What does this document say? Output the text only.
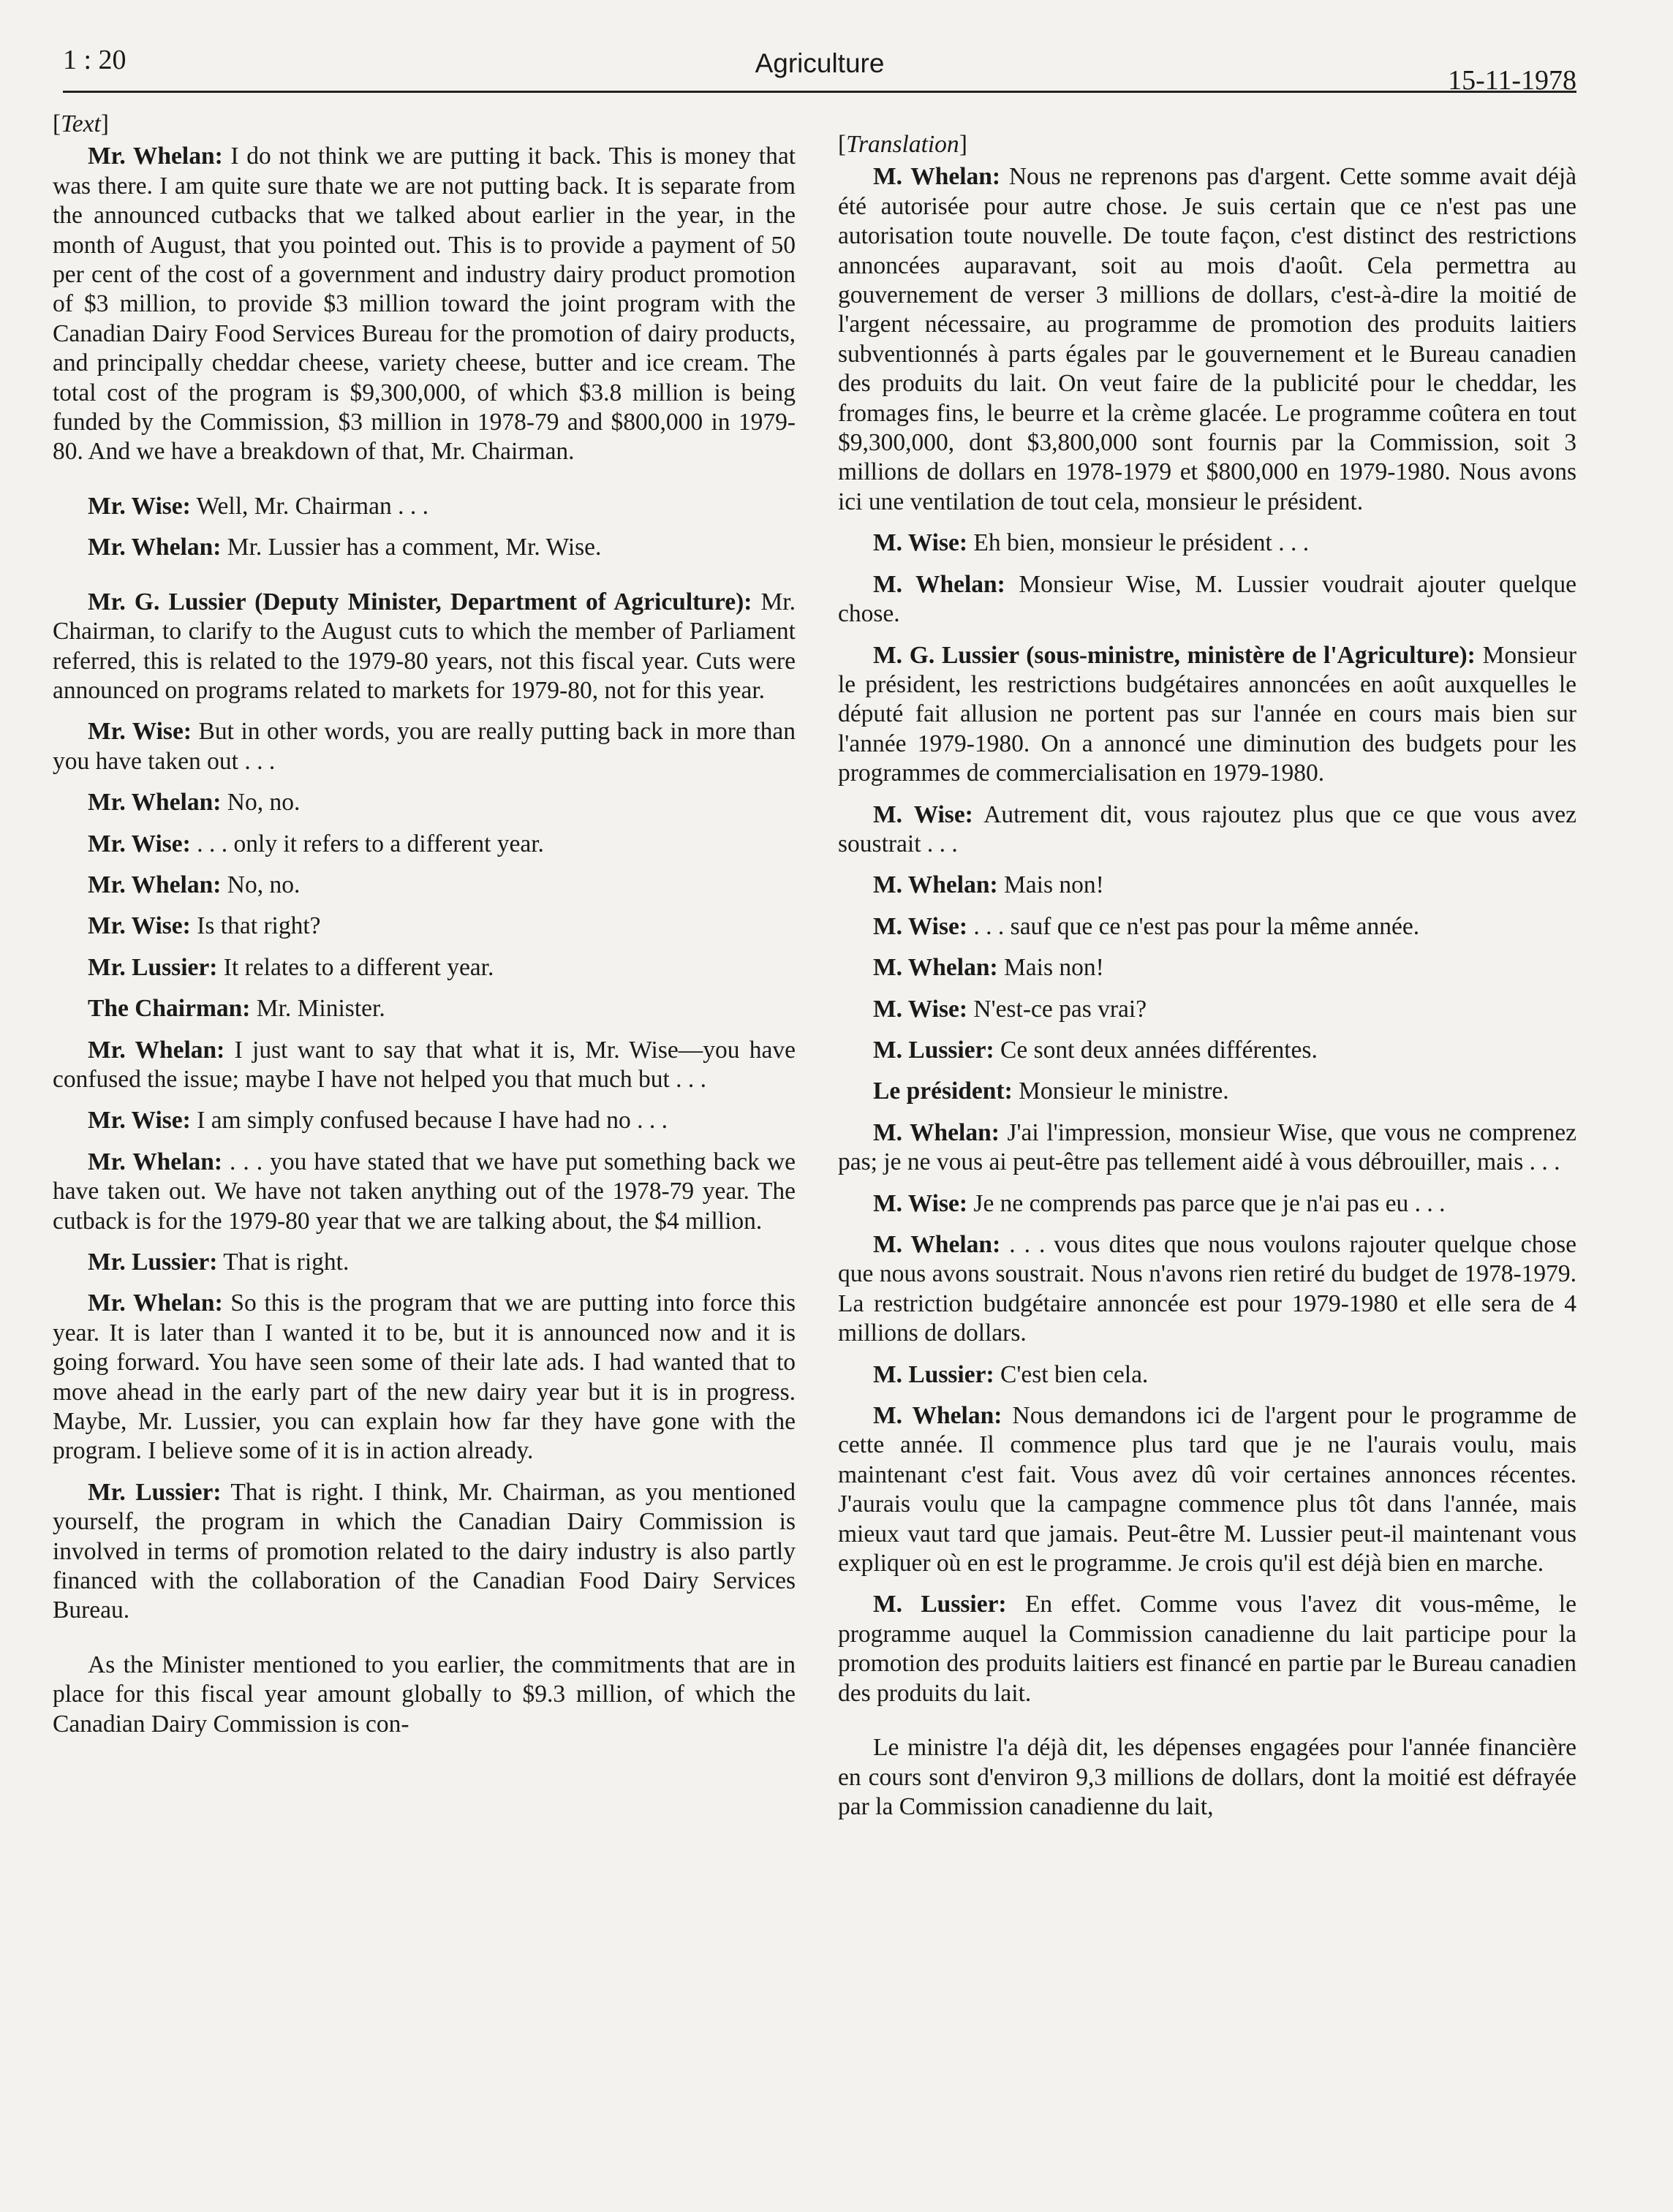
1 : 20	Agriculture
15-11-1978

[Text]

Mr. Whelan: I do not think we are putting it back. This is money that was there. I am quite sure thate we are not putting back. It is separate from the announced cutbacks that we talked about earlier in the year, in the month of August, that you pointed out. This is to provide a payment of 50 per cent of the cost of a government and industry dairy product promotion of $3 million, to provide $3 million toward the joint program with the Canadian Dairy Food Services Bureau for the promotion of dairy products, and principally cheddar cheese, variety cheese, butter and ice cream. The total cost of the program is $9,300,000, of which $3.8 million is being funded by the Commission, $3 million in 1978-79 and $800,000 in 1979-80. And we have a breakdown of that, Mr. Chairman.

Mr. Wise: Well, Mr. Chairman . . .

Mr. Whelan: Mr. Lussier has a comment, Mr. Wise.

Mr. G. Lussier (Deputy Minister, Department of Agriculture): Mr. Chairman, to clarify to the August cuts to which the member of Parliament referred, this is related to the 1979-80 years, not this fiscal year. Cuts were announced on programs related to markets for 1979-80, not for this year.

Mr. Wise: But in other words, you are really putting back in more than you have taken out . . .

Mr. Whelan: No, no.

Mr. Wise: . . . only it refers to a different year.

Mr. Whelan: No, no.

Mr. Wise: Is that right?

Mr. Lussier: It relates to a different year.

The Chairman: Mr. Minister.

Mr. Whelan: I just want to say that what it is, Mr. Wise—you have confused the issue; maybe I have not helped you that much but . . .

Mr. Wise: I am simply confused because I have had no . . .

Mr. Whelan: . . . you have stated that we have put something back we have taken out. We have not taken anything out of the 1978-79 year. The cutback is for the 1979-80 year that we are talking about, the $4 million.

Mr. Lussier: That is right.

Mr. Whelan: So this is the program that we are putting into force this year. It is later than I wanted it to be, but it is announced now and it is going forward. You have seen some of their late ads. I had wanted that to move ahead in the early part of the new dairy year but it is in progress. Maybe, Mr. Lussier, you can explain how far they have gone with the program. I believe some of it is in action already.

Mr. Lussier: That is right. I think, Mr. Chairman, as you mentioned yourself, the program in which the Canadian Dairy Commission is involved in terms of promotion related to the dairy industry is also partly financed with the collaboration of the Canadian Food Dairy Services Bureau.

As the Minister mentioned to you earlier, the commitments that are in place for this fiscal year amount globally to $9.3 million, of which the Canadian Dairy Commission is con-

[Translation]

M. Whelan: Nous ne reprenons pas d'argent. Cette somme avait déjà été autorisée pour autre chose. Je suis certain que ce n'est pas une autorisation toute nouvelle. De toute façon, c'est distinct des restrictions annoncées auparavant, soit au mois d'août. Cela permettra au gouvernement de verser 3 millions de dollars, c'est-à-dire la moitié de l'argent nécessaire, au programme de promotion des produits laitiers subventionnés à parts égales par le gouvernement et le Bureau canadien des produits du lait. On veut faire de la publicité pour le cheddar, les fromages fins, le beurre et la crème glacée. Le programme coûtera en tout $9,300,000, dont $3,800,000 sont fournis par la Commission, soit 3 millions de dollars en 1978-1979 et $800,000 en 1979-1980. Nous avons ici une ventilation de tout cela, monsieur le président.

M. Wise: Eh bien, monsieur le président . . .

M. Whelan: Monsieur Wise, M. Lussier voudrait ajouter quelque chose.

M. G. Lussier (sous-ministre, ministère de l'Agriculture): Monsieur le président, les restrictions budgétaires annoncées en août auxquelles le député fait allusion ne portent pas sur l'année en cours mais bien sur l'année 1979-1980. On a annoncé une diminution des budgets pour les programmes de commercialisation en 1979-1980.

M. Wise: Autrement dit, vous rajoutez plus que ce que vous avez soustrait . . .

M. Whelan: Mais non!

M. Wise: . . . sauf que ce n'est pas pour la même année.

M. Whelan: Mais non!

M. Wise: N'est-ce pas vrai?

M. Lussier: Ce sont deux années différentes.

Le président: Monsieur le ministre.

M. Whelan: J'ai l'impression, monsieur Wise, que vous ne comprenez pas; je ne vous ai peut-être pas tellement aidé à vous débrouiller, mais . . .

M. Wise: Je ne comprends pas parce que je n'ai pas eu . . .

M. Whelan: . . . vous dites que nous voulons rajouter quelque chose que nous avons soustrait. Nous n'avons rien retiré du budget de 1978-1979. La restriction budgétaire annoncée est pour 1979-1980 et elle sera de 4 millions de dollars.

M. Lussier: C'est bien cela.

M. Whelan: Nous demandons ici de l'argent pour le programme de cette année. Il commence plus tard que je ne l'aurais voulu, mais maintenant c'est fait. Vous avez dû voir certaines annonces récentes. J'aurais voulu que la campagne commence plus tôt dans l'année, mais mieux vaut tard que jamais. Peut-être M. Lussier peut-il maintenant vous expliquer où en est le programme. Je crois qu'il est déjà bien en marche.

M. Lussier: En effet. Comme vous l'avez dit vous-même, le programme auquel la Commission canadienne du lait participe pour la promotion des produits laitiers est financé en partie par le Bureau canadien des produits du lait.

Le ministre l'a déjà dit, les dépenses engagées pour l'année financière en cours sont d'environ 9,3 millions de dollars, dont la moitié est défrayée par la Commission canadienne du lait,
